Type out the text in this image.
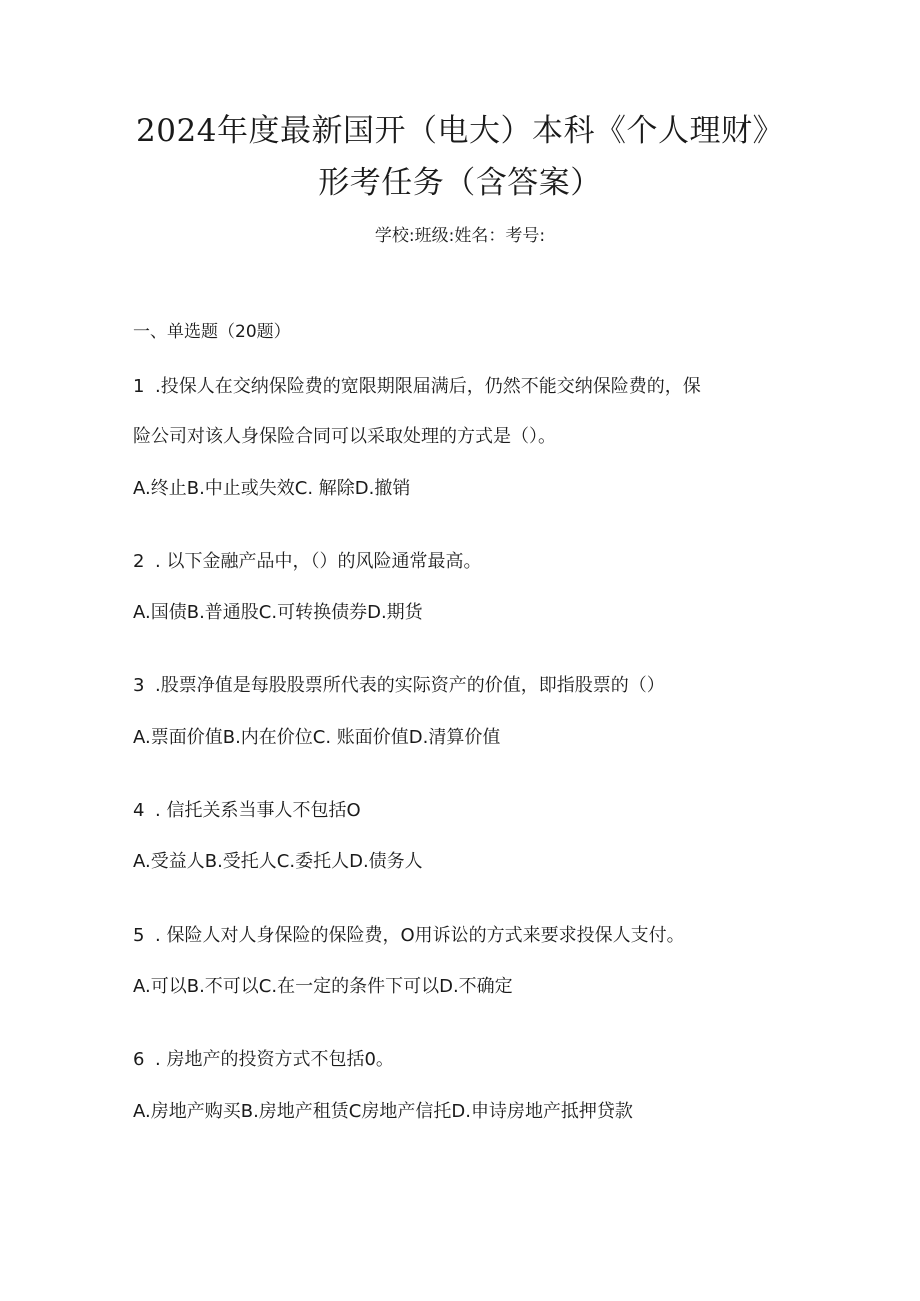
2024年度最新国开（电大）本科《个人理财》
形考任务（含答案）
学校:班级:姓名：考号:
一、单选题（20题）
1 .投保人在交纳保险费的宽限期限届满后，仍然不能交纳保险费的，保
险公司对该人身保险合同可以采取处理的方式是（）。
A.终止B.中止或失效C. 解除D.撤销
2 . 以下金融产品中，（）的风险通常最高。
A.国债B.普通股C.可转换债券D.期货
3 .股票净值是每股股票所代表的实际资产的价值，即指股票的（）
A.票面价值B.内在价位C. 账面价值D.清算价值
4 . 信托关系当事人不包括O
A.受益人B.受托人C.委托人D.债务人
5 . 保险人对人身保险的保险费，O用诉讼的方式来要求投保人支付。
A.可以B.不可以C.在一定的条件下可以D.不确定
6 . 房地产的投资方式不包括0。
A.房地产购买B.房地产租赁C房地产信托D.申诗房地产抵押贷款
